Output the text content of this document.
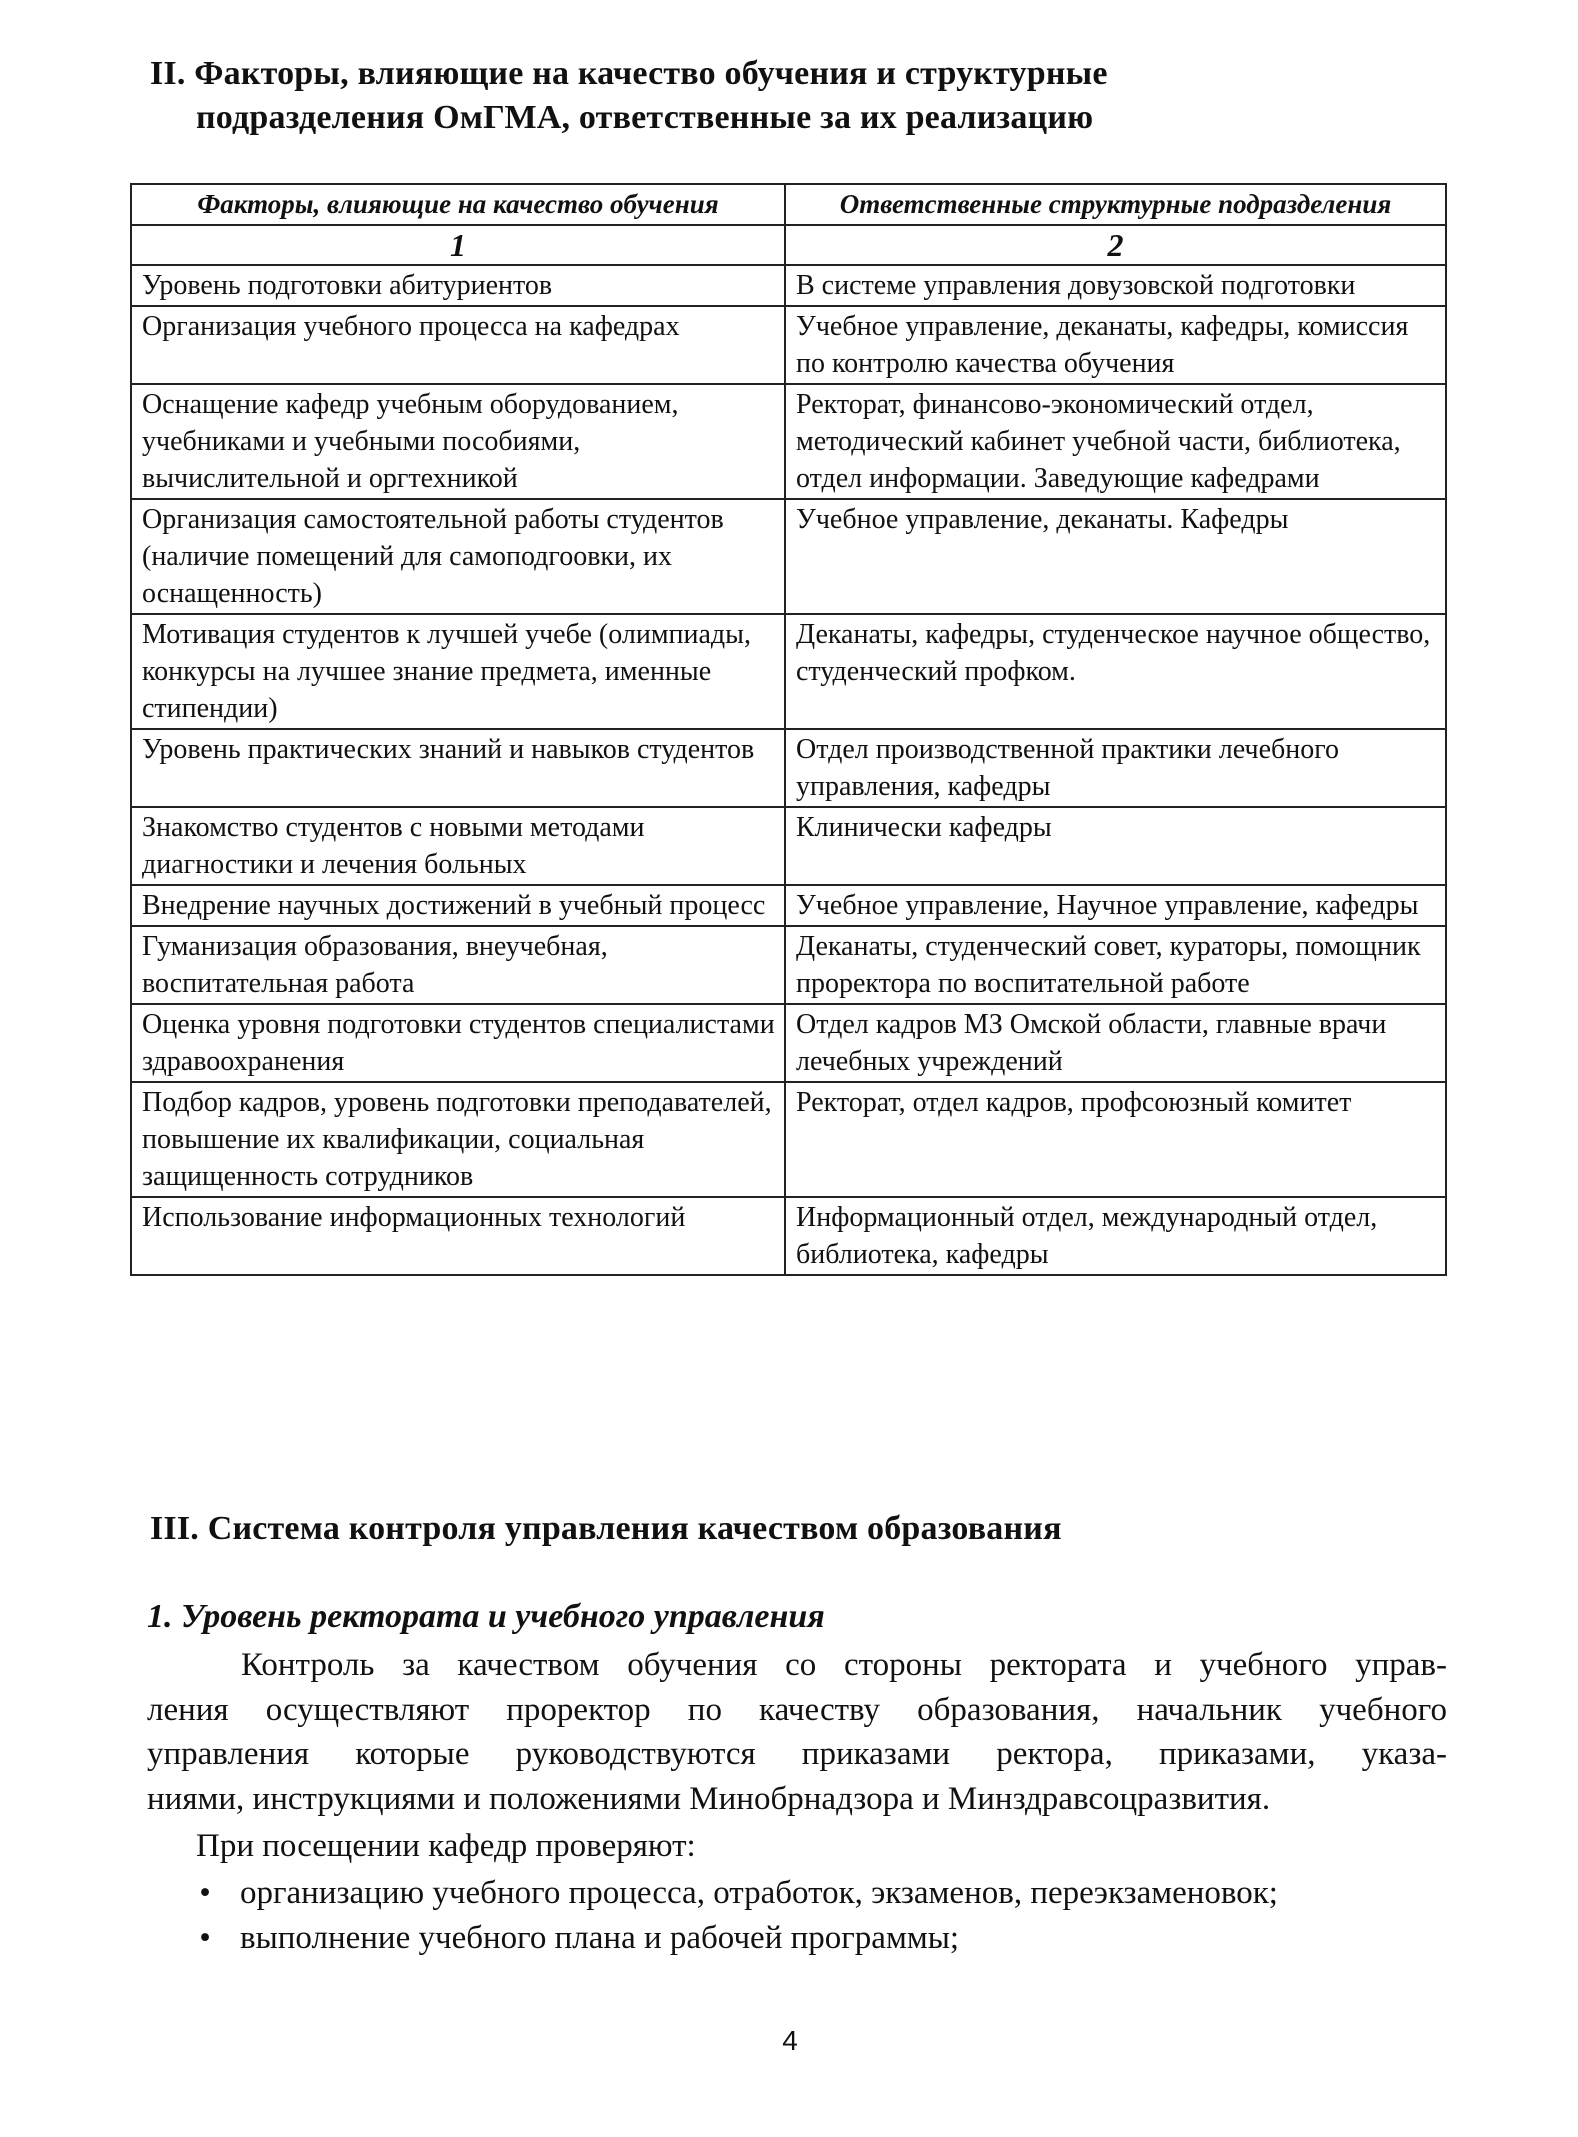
II. Факторы, влияющие на качество обучения и структурные
подразделения ОмГМА, ответственные за их реализацию
Факторы, влияющие на качество обучения	Ответственные структурные подразделения
1	2
Уровень подготовки абитуриентов	В системе управления довузовской подготовки
Организация учебного процесса на кафедрах	Учебное управление, деканаты, кафедры, комиссия по контролю качества обучения
Оснащение кафедр учебным оборудованием, учебниками и учебными пособиями, вычислительной и оргтехникой	Ректорат, финансово-экономический отдел, методический кабинет учебной части, библиотека, отдел информации. Заведующие кафедрами
Организация самостоятельной работы студентов (наличие помещений для самоподгоовки, их оснащенность)	Учебное управление, деканаты. Кафедры
Мотивация студентов к лучшей учебе (олимпиады, конкурсы на лучшее знание предмета, именные стипендии)	Деканаты, кафедры, студенческое научное общество, студенческий профком.
Уровень практических знаний и навыков студентов	Отдел производственной практики лечебного управления, кафедры
Знакомство студентов с новыми методами диагностики и лечения больных	Клинически кафедры
Внедрение научных достижений в учебный процесс	Учебное управление, Научное управление, кафедры
Гуманизация образования, внеучебная, воспитательная работа	Деканаты, студенческий совет, кураторы, помощник проректора по воспитательной работе
Оценка уровня подготовки студентов специалистами здравоохранения	Отдел кадров МЗ Омской области, главные врачи лечебных учреждений
Подбор кадров, уровень подготовки преподавателей, повышение их квалификации, социальная защищенность сотрудников	Ректорат, отдел кадров, профсоюзный комитет
Использование информационных технологий	Информационный отдел, международный отдел, библиотека, кафедры
III. Система контроля управления качеством образования
1. Уровень ректората и учебного управления

Контроль за качеством обучения со стороны ректората и учебного управ-
ления осуществляют проректор по качеству образования, начальник учебного
управления которые руководствуются приказами ректора, приказами, указа-
ниями, инструкциями и положениями Минобрнадзора и Минздравсоцразвития.

При посещении кафедр проверяют:

• организацию учебного процесса, отработок, экзаменов, переэкзаменовок;
• выполнение учебного плана и рабочей программы;
4
